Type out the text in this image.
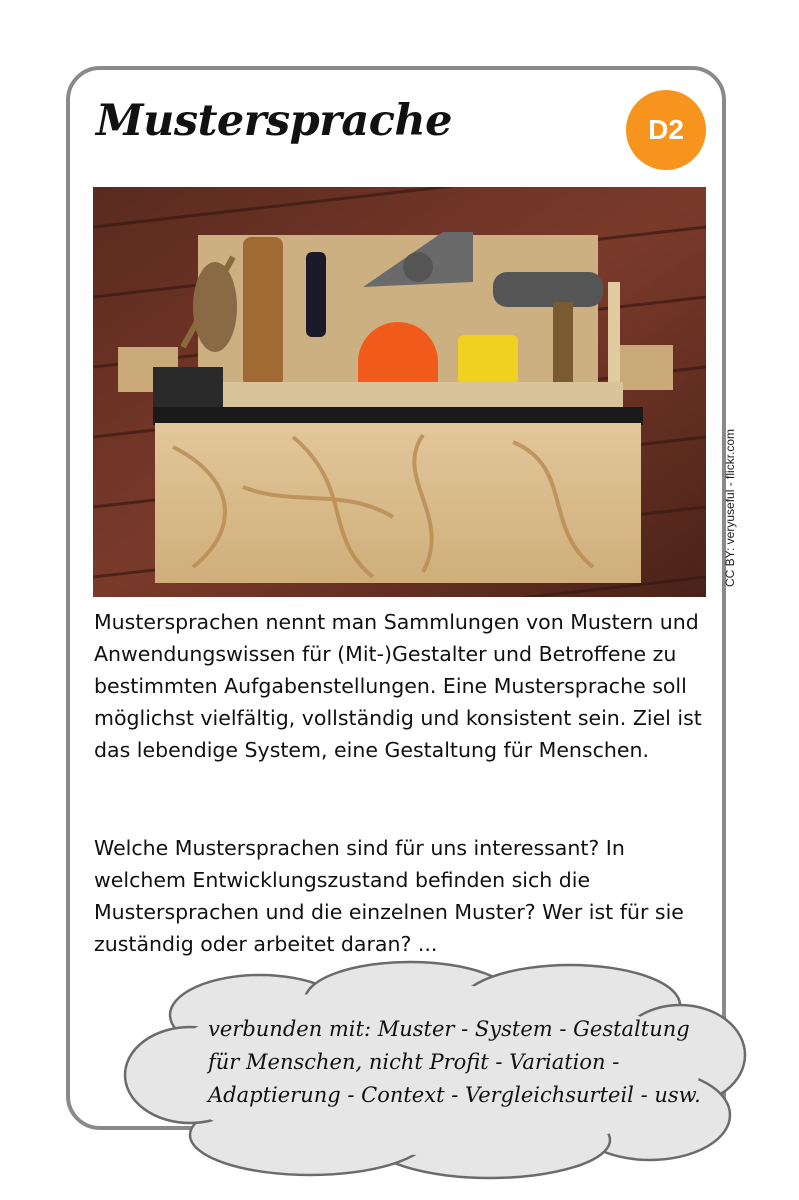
Mustersprache	D2
CC BY: veryuseful - flickr.com

Mustersprachen nennt man Sammlungen von Mustern und Anwendungswissen für (Mit-)Gestalter und Betroffene zu bestimmten Aufgabenstellungen. Eine Mustersprache soll möglichst vielfältig, vollständig und konsistent sein. Ziel ist das lebendige System, eine Gestaltung für Menschen.

Welche Mustersprachen sind für uns interessant? In welchem Entwicklungszustand befinden sich die Mustersprachen und die einzelnen Muster? Wer ist für sie zuständig oder arbeitet daran? ...

verbunden mit: Muster - System - Gestaltung für Menschen, nicht Profit - Variation - Adaptierung - Context - Vergleichsurteil - usw.
